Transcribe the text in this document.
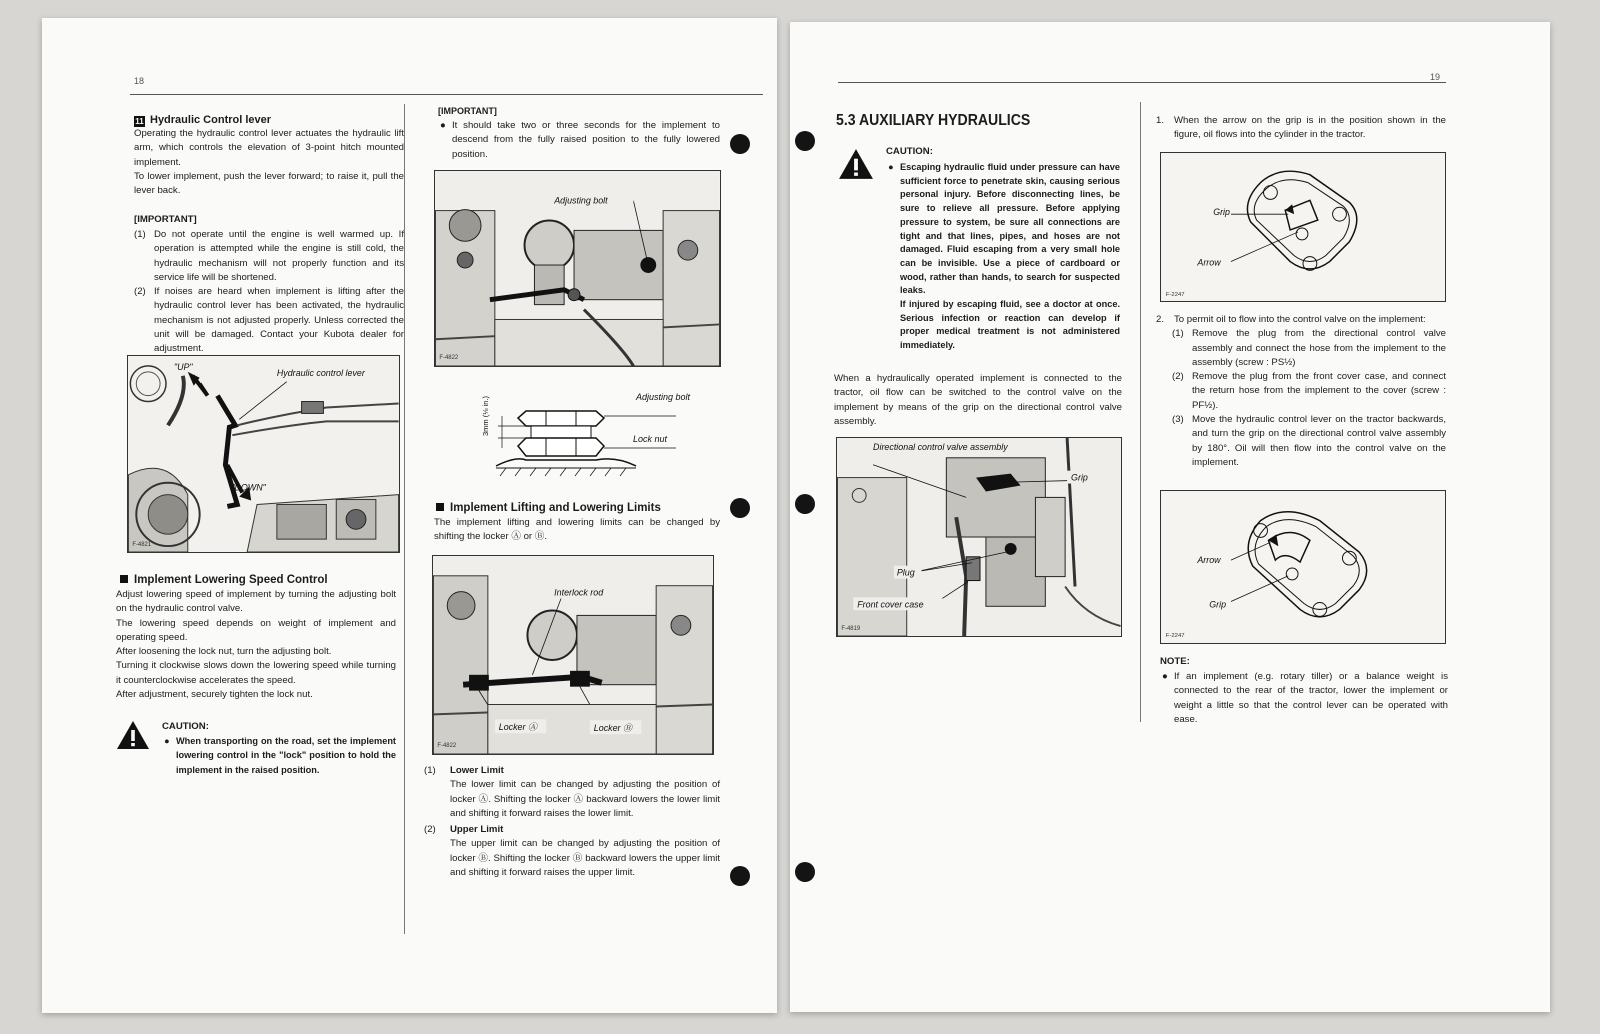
18
11 Hydraulic Control lever

Operating the hydraulic control lever actuates the hydraulic lift arm, which controls the elevation of 3-point hitch mounted implement.

To lower implement, push the lever forward; to raise it, pull the lever back.

[IMPORTANT]
(1) Do not operate until the engine is well warmed up. If operation is attempted while the engine is still cold, the hydraulic mechanism will not properly function and its service life will be shortened.
(2) If noises are heard when implement is lifting after the hydraulic control lever has been activated, the hydraulic mechanism is not adjusted properly. Unless corrected the unit will be damaged. Contact your Kubota dealer for adjustment.
"UP"
"DOWN"
Hydraulic control lever
F-4821
Implement Lowering Speed Control

Adjust lowering speed of implement by turning the adjusting bolt on the hydraulic control valve.

The lowering speed depends on weight of implement and operating speed.

After loosening the lock nut, turn the adjusting bolt.

Turning it clockwise slows down the lowering speed while turning it counterclockwise accelerates the speed.

After adjustment, securely tighten the lock nut.

CAUTION:
● When transporting on the road, set the implement lowering control in the "lock" position to hold the implement in the raised position.
[IMPORTANT]
● It should take two or three seconds for the implement to descend from the fully raised position to the fully lowered position.
Adjusting bolt
F-4822
3mm (⅛ in.)	Adjusting bolt
Lock nut
Implement Lifting and Lowering Limits
The implement lifting and lowering limits can be changed by shifting the locker Ⓐ or Ⓑ.
Interlock rod
Locker Ⓐ	Locker Ⓑ
F-4822
(1)	Lower Limit
The lower limit can be changed by adjusting the position of locker Ⓐ. Shifting the locker Ⓐ backward lowers the lower limit and shifting it forward raises the lower limit.
(2)	Upper Limit
The upper limit can be changed by adjusting the position of locker Ⓑ. Shifting the locker Ⓑ backward lowers the upper limit and shifting it forward raises the upper limit.
19
5.3 AUXILIARY HYDRAULICS
CAUTION:
● Escaping hydraulic fluid under pressure can have sufficient force to penetrate skin, causing serious personal injury. Before disconnecting lines, be sure to relieve all pressure. Before applying pressure to system, be sure all connections are tight and that lines, pipes, and hoses are not damaged. Fluid escaping from a very small hole can be invisible. Use a piece of cardboard or wood, rather than hands, to search for suspected leaks.
If injured by escaping fluid, see a doctor at once. Serious infection or reaction can develop if proper medical treatment is not administered immediately.
When a hydraulically operated implement is connected to the tractor, oil flow can be switched to the control valve on the implement by means of the grip on the directional control valve assembly.
Directional control valve assembly
Grip
Plug
Front cover case
F-4819
1.	When the arrow on the grip is in the position shown in the figure, oil flows into the cylinder in the tractor.
Grip
Arrow
F-2247
2.	To permit oil to flow into the control valve on the implement:
(1) Remove the plug from the directional control valve assembly and connect the hose from the implement to the assembly (screw : PS½)
(2) Remove the plug from the front cover case, and connect the return hose from the implement to the cover (screw : PF½).
(3) Move the hydraulic control lever on the tractor backwards, and turn the grip on the directional control valve assembly by 180°. Oil will then flow into the control valve on the implement.
Arrow
Grip
F-2247
NOTE:
● If an implement (e.g. rotary tiller) or a balance weight is connected to the rear of the tractor, lower the implement or weight a little so that the control lever can be operated with ease.
